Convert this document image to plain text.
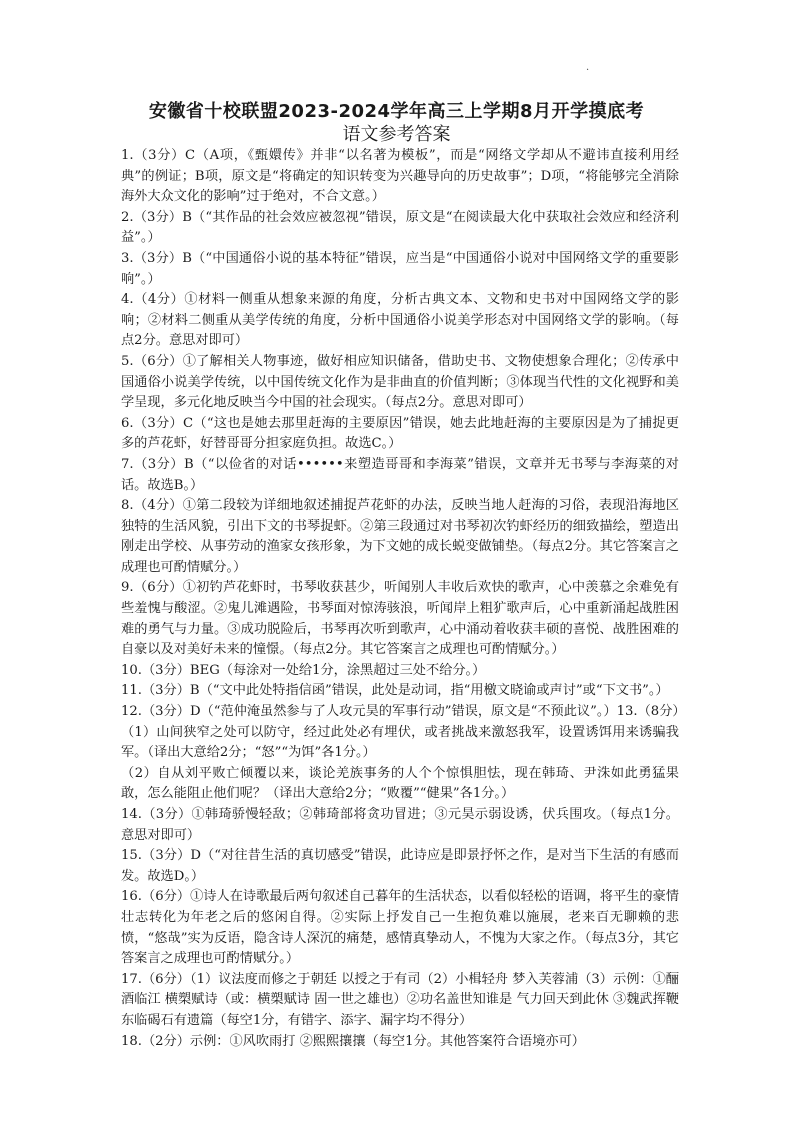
·
安徽省十校联盟2023-2024学年高三上学期8月开学摸底考
语文参考答案

1.（3分）C（A项，《甄嬛传》并非“以名著为模板”，而是“网络文学却从不避讳直接利用经典”的例证；B项，原文是“将确定的知识转变为兴趣导向的历史故事”；D项，“将能够完全消除海外大众文化的影响”过于绝对，不合文意。）

2.（3分）B（“其作品的社会效应被忽视”错误，原文是“在阅读最大化中获取社会效应和经济利益”。）

3.（3分）B（“中国通俗小说的基本特征”错误，应当是“中国通俗小说对中国网络文学的重要影响”。）

4.（4分）①材料一侧重从想象来源的角度，分析古典文本、文物和史书对中国网络文学的影响；②材料二侧重从美学传统的角度，分析中国通俗小说美学形态对中国网络文学的影响。（每点2分。意思对即可）

5.（6分）①了解相关人物事迹，做好相应知识储备，借助史书、文物使想象合理化；②传承中国通俗小说美学传统，以中国传统文化作为是非曲直的价值判断；③体现当代性的文化视野和美学呈现，多元化地反映当今中国的社会现实。（每点2分。意思对即可）

6.（3分）C（“这也是她去那里赶海的主要原因”错误，她去此地赶海的主要原因是为了捕捉更多的芦花虾，好替哥哥分担家庭负担。故选C。）

7.（3分）B（“以俭省的对话••••••来塑造哥哥和李海菜”错误，文章并无书琴与李海菜的对话。故选B。）

8.（4分）①第二段较为详细地叙述捕捉芦花虾的办法，反映当地人赶海的习俗，表现沿海地区独特的生活风貌，引出下文的书琴捉虾。②第三段通过对书琴初次钓虾经历的细致描绘，塑造出刚走出学校、从事劳动的渔家女孩形象，为下文她的成长蜕变做铺垫。（每点2分。其它答案言之成理也可酌情赋分。）

9.（6分）①初钓芦花虾时，书琴收获甚少，听闻别人丰收后欢快的歌声，心中羡慕之余难免有些羞愧与酸涩。②鬼儿滩遇险，书琴面对惊涛骇浪，听闻岸上粗犷歌声后，心中重新涌起战胜困难的勇气与力量。③成功脱险后，书琴再次听到歌声，心中涌动着收获丰硕的喜悦、战胜困难的自豪以及对美好未来的憧憬。（每点2分。其它答案言之成理也可酌情赋分。）

10.（3分）BEG（每涂对一处给1分，涂黑超过三处不给分。）

11.（3分）B（“文中此处特指信函”错误，此处是动词，指“用檄文晓谕或声讨”或“下文书”。）

12.（3分）D（“范仲淹虽然参与了人攻元昊的军事行动”错误，原文是“不预此议”。）13.（8分）（1）山间狭窄之处可以防守，经过此处必有埋伏，或者挑战来激怒我军，设置诱饵用来诱骗我军。（译出大意给2分；“怒”“为饵”各1分。）

（2）自从刘平败亡倾覆以来，谈论羌族事务的人个个惊惧胆怯，现在韩琦、尹洙如此勇猛果敢，怎么能阻止他们呢？（译出大意给2分；“败覆”“健果”各1分。）

14.（3分）①韩琦骄慢轻敌；②韩琦部将贪功冒进；③元昊示弱设诱，伏兵围攻。（每点1分。意思对即可）

15.（3分）D（“对往昔生活的真切感受”错误，此诗应是即景抒怀之作，是对当下生活的有感而发。故选D。）

16.（6分）①诗人在诗歌最后两句叙述自己暮年的生活状态，以看似轻松的语调，将平生的豪情壮志转化为年老之后的悠闲自得。②实际上抒发自己一生抱负难以施展，老来百无聊赖的悲愤，“悠哉”实为反语，隐含诗人深沉的痛楚，感情真挚动人，不愧为大家之作。（每点3分，其它答案言之成理也可酌情赋分。）

17.（6分）（1）议法度而修之于朝廷 以授之于有司（2）小楫轻舟 梦入芙蓉浦（3）示例：①酾酒临江 横槊赋诗（或：横槊赋诗 固一世之雄也）②功名盖世知谁是 气力回天到此休 ③魏武挥鞭 东临碣石有遗篇（每空1分，有错字、添字、漏字均不得分）

18.（2分）示例：①风吹雨打 ②熙熙攘攘（每空1分。其他答案符合语境亦可）
